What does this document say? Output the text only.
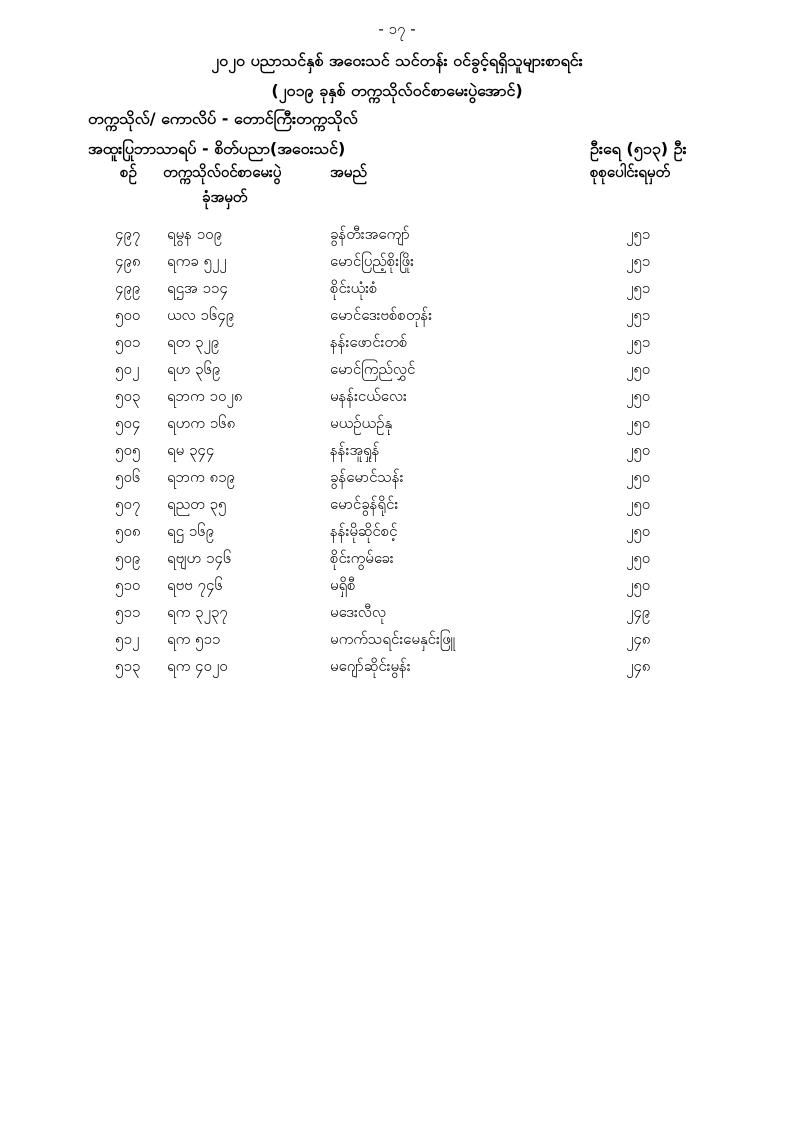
- ၁၇ -
၂၀၂၀ ပညာသင်နှစ် အဝေးသင် သင်တန်း ဝင်ခွင့်ရရှိသူများစာရင်း
(၂၀၁၉ ခုနှစ် တက္ကသိုလ်ဝင်စာမေးပွဲအောင်)
တက္ကသိုလ်/ ကောလိပ် - တောင်ကြီးတက္ကသိုလ်
အထူးပြုဘာသာရပ် - စိတ်ပညာ(အဝေးသင်)	ဦးရေ (၅၁၃) ဦး
စဉ် တက္ကသိုလ်ဝင်စာမေးပွဲ
ခုံအမှတ်
အမည်	စုစုပေါင်းရမှတ်
၄၉၇ ရမွန ၁၀၉	ခွန်တီးအကျော်	၂၅၁
၄၉၈ ရကခ ၅၂၂	မောင်ပြည့်စိုးဖြိုး	၂၅၁
၄၉၉ ရဌအ ၁၁၄	စိုင်းယုံးစံ	၂၅၁
၅၀၀ ယလ ၁၆၄၉	မောင်ဒေးဗစ်စတုန်း	၂၅၁
၅၀၁ ရတ ၃၂၉	နန်းဖောင်းတစ်	၂၅၁
၅၀၂ ရဟ ၃၆၉	မောင်ကြည်လွှင်	၂၅၀
၅၀၃ ရဘက ၁၀၂၈	မနန်းငယ်လေး	၂၅၀
၅၀၄ ရဟက ၁၆၈	မယဉ်ယဉ်နု	၂၅၀
၅၀၅ ရမ ၃၄၄	နန်းအူရှုန်	၂၅၀
၅၀၆ ရဘက ၈၁၉	ခွန်မောင်သန်း	၂၅၀
၅၀၇ ရညတ ၃၅	မောင်ခွန်ရိုင်း	၂၅၀
၅၀၈ ရဌ ၁၆၉	နန်းမိုဆိုင်စင့်	၂၅၀
၅၀၉ ရဗျဟ ၁၄၆	စိုင်းကွမ်ခေး	၂၅၀
၅၁၀ ရဗဗ ၇၄၆	မရှိစီ	၂၅၀
၅၁၁ ရက ၃၂၃၇	မဒေးလီလု	၂၄၉
၅၁၂ ရက ၅၁၁	မကက်သရင်းမေနှင်းဖြူ	၂၄၈
၅၁၃ ရက ၄၀၂၀	မဂျော်ဆိုင်းမွန်း	၂၄၈
